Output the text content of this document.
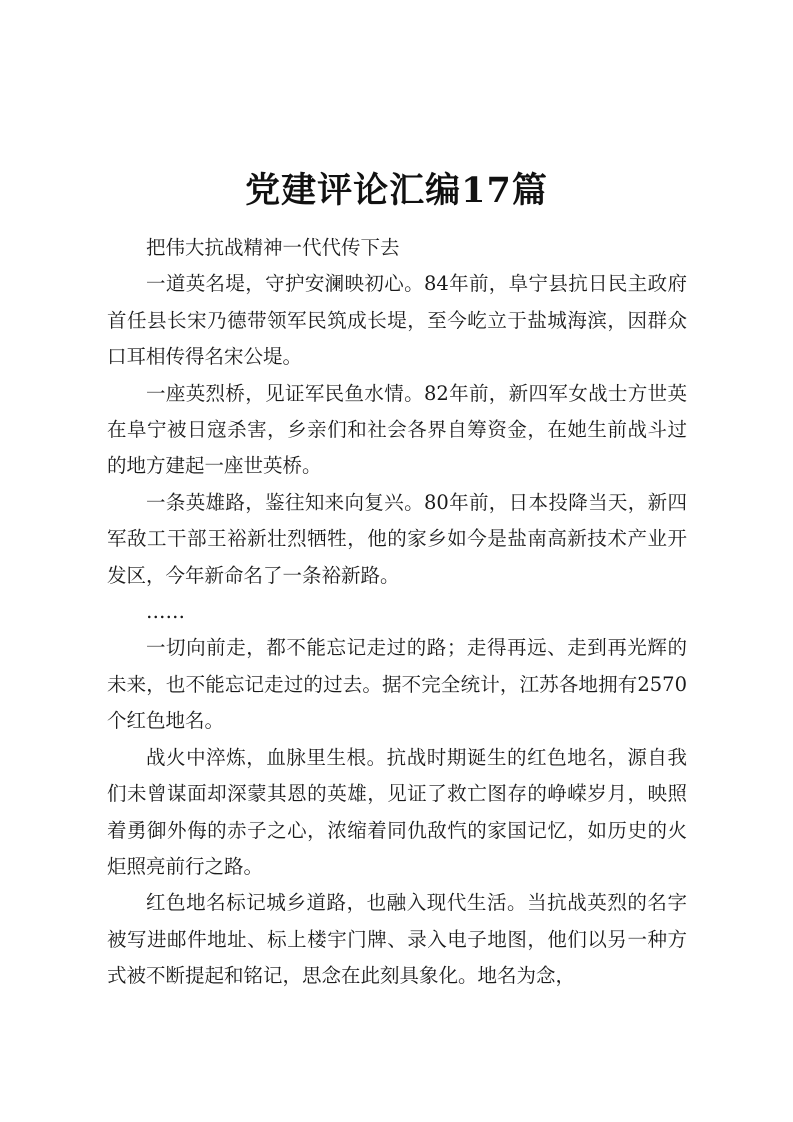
党建评论汇编17篇

把伟大抗战精神一代代传下去

一道英名堤，守护安澜映初心。84年前，阜宁县抗日民主政府首任县长宋乃德带领军民筑成长堤，至今屹立于盐城海滨，因群众口耳相传得名宋公堤。

一座英烈桥，见证军民鱼水情。82年前，新四军女战士方世英在阜宁被日寇杀害，乡亲们和社会各界自筹资金，在她生前战斗过的地方建起一座世英桥。

一条英雄路，鉴往知来向复兴。80年前，日本投降当天，新四军敌工干部王裕新壮烈牺牲，他的家乡如今是盐南高新技术产业开发区，今年新命名了一条裕新路。

……

一切向前走，都不能忘记走过的路；走得再远、走到再光辉的未来，也不能忘记走过的过去。据不完全统计，江苏各地拥有2570个红色地名。

战火中淬炼，血脉里生根。抗战时期诞生的红色地名，源自我们未曾谋面却深蒙其恩的英雄，见证了救亡图存的峥嵘岁月，映照着勇御外侮的赤子之心，浓缩着同仇敌忾的家国记忆，如历史的火炬照亮前行之路。

红色地名标记城乡道路，也融入现代生活。当抗战英烈的名字被写进邮件地址、标上楼宇门牌、录入电子地图，他们以另一种方式被不断提起和铭记，思念在此刻具象化。地名为念，
